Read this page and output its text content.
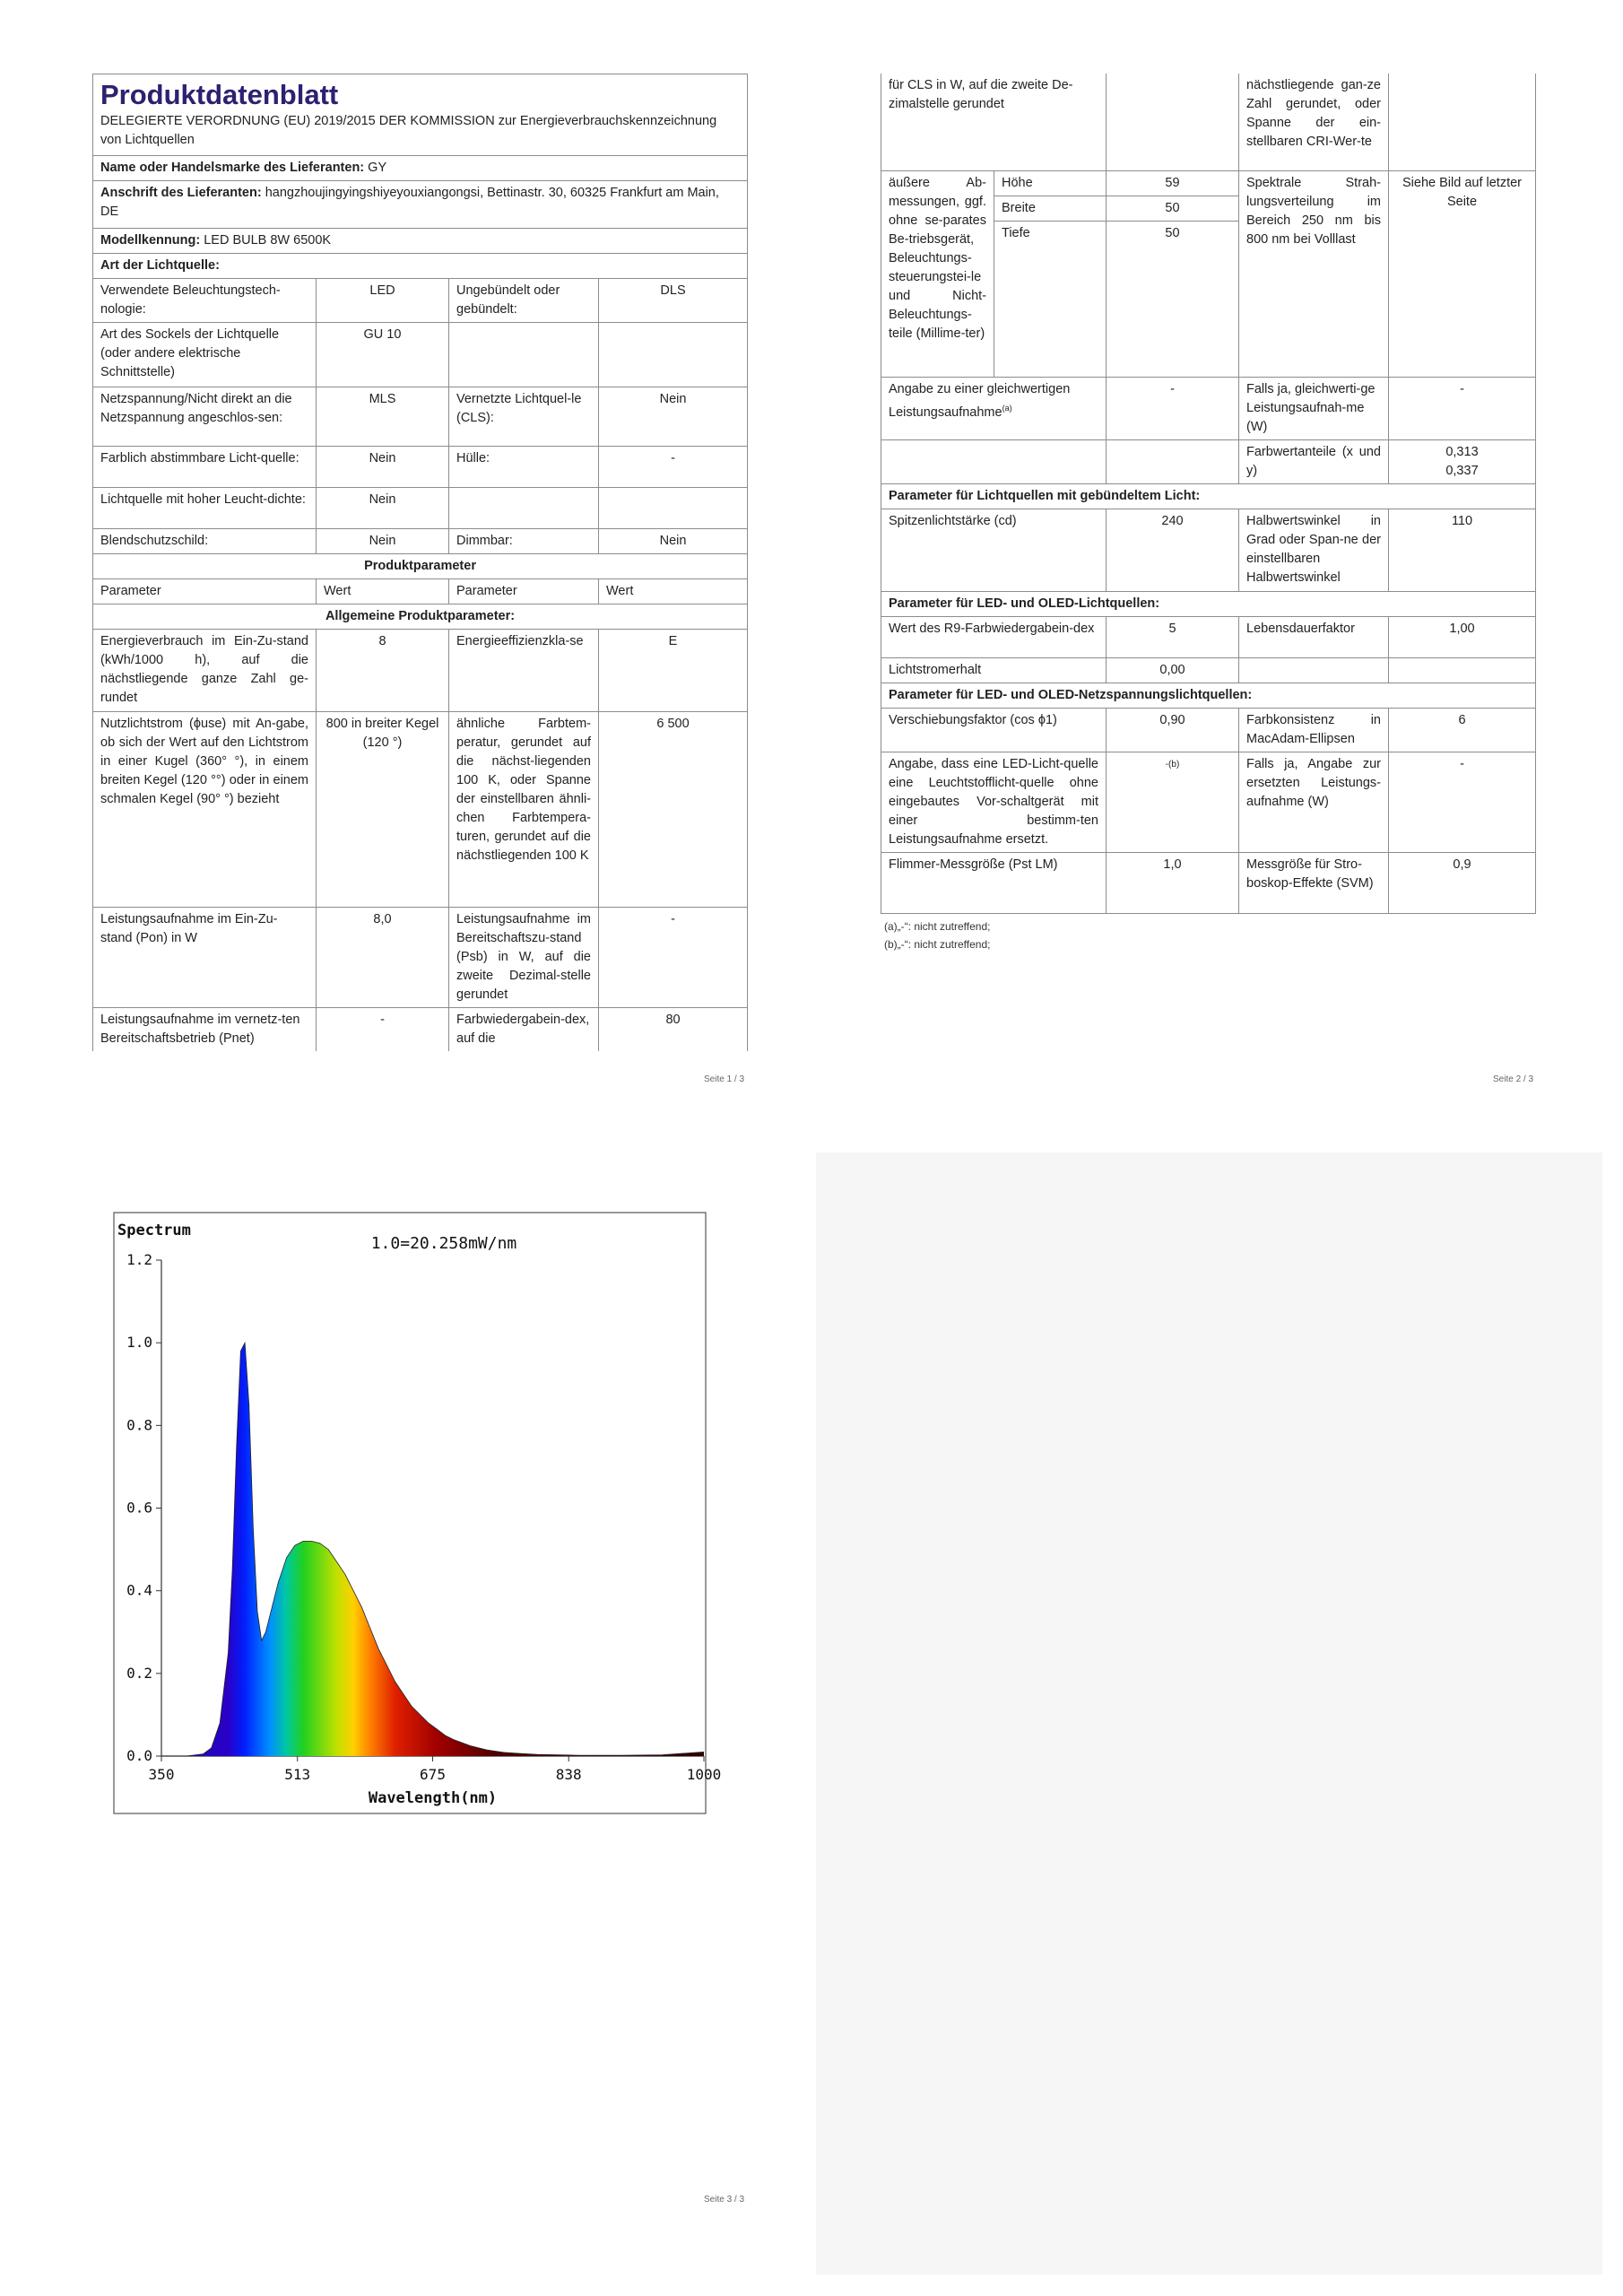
Produktdatenblatt
DELEGIERTE VERORDNUNG (EU) 2019/2015 DER KOMMISSION zur Energieverbrauchskennzeichnung von Lichtquellen			

Name oder Handelsmarke des Lieferanten: GY			
Anschrift des Lieferanten: hangzhoujingyingshiyeyouxiangongsi, Bettinastr. 30, 60325 Frankfurt am Main, DE			
Modellkennung: LED BULB 8W 6500K			
Art der Lichtquelle:			
Verwendete Beleuchtungstech-nologie:	LED	Ungebündelt oder gebündelt:	DLS
Art des Sockels der Lichtquelle (oder andere elektrische Schnittstelle)	GU 10		
Netzspannung/Nicht direkt an die Netzspannung angeschlos-sen:	MLS	Vernetzte Lichtquel-le (CLS):	Nein
Farblich abstimmbare Licht-quelle:	Nein	Hülle:	-
Lichtquelle mit hoher Leucht-dichte:	Nein		
Blendschutzschild:	Nein	Dimmbar:	Nein
Produktparameter			
Parameter	Wert	Parameter	Wert
Allgemeine Produktparameter:			
Energieverbrauch im Ein-Zu-stand (kWh/1000 h), auf die nächstliegende ganze Zahl ge-rundet	8	Energieeffizienzkla-se	E
Nutzlichtstrom (ϕuse) mit An-gabe, ob sich der Wert auf den Lichtstrom in einer Kugel (360° °), in einem breiten Kegel (120 °°) oder in einem schmalen Kegel (90° °) bezieht	800 in breiter Kegel (120 °)	ähnliche Farbtem-peratur, gerundet auf die nächst-liegenden 100 K, oder Spanne der einstellbaren ähnli-chen Farbtempera-turen, gerundet auf die nächstliegenden 100 K	6 500
Leistungsaufnahme im Ein-Zu-stand (Pon) in W	8,0	Leistungsaufnahme im Bereitschaftszu-stand (Psb) in W, auf die zweite Dezimal-stelle gerundet	-
Leistungsaufnahme im vernetz-ten Bereitschaftsbetrieb (Pnet)	-	Farbwiedergabein-dex, auf die	80
Seite 1 / 3
für CLS in W, auf die zweite De-zimalstelle gerundet			nächstliegende gan-ze Zahl gerundet, oder Spanne der ein-stellbaren CRI-Wer-te	
äußere Ab-messungen, ggf. ohne se-parates Be-triebsgerät, Beleuchtungs-steuerungstei-le und Nicht-Beleuchtungs-teile (Millime-ter)	Höhe	59	Spektrale Strah-lungsverteilung im Bereich 250 nm bis 800 nm bei Volllast	Siehe Bild auf letzter Seite
	Breite	50		
	Tiefe	50		
Angabe zu einer gleichwertigen Leistungsaufnahme$^{(a)}$		-	Falls ja, gleichwerti-ge Leistungsaufnah-me (W)	-
			Farbwertanteile (x und y)	0,313
0,337

Parameter für Lichtquellen mit gebündeltem Licht:				
Spitzenlichtstärke (cd)		240	Halbwertswinkel in Grad oder Span-ne der einstellbaren Halbwertswinkel	110
Parameter für LED- und OLED-Lichtquellen:				
Wert des R9-Farbwiedergabein-dex		5	Lebensdauerfaktor	1,00
Lichtstromerhalt		0,00		
Parameter für LED- und OLED-Netzspannungslichtquellen:				
Verschiebungsfaktor (cos ϕ1)		0,90	Farbkonsistenz in MacAdam-Ellipsen	6
Angabe, dass eine LED-Licht-quelle eine Leuchtstofflicht-quelle ohne eingebautes Vor-schaltgerät mit einer bestimm-ten Leistungsaufnahme ersetzt.		-(b)	Falls ja, Angabe zur ersetzten Leistungs-aufnahme (W)	-
Flimmer-Messgröße (Pst LM)		1,0	Messgröße für Stro-boskop-Effekte (SVM)	0,9
(a)„-“: nicht zutreffend;
(b)„-“: nicht zutreffend;
Seite 2 / 3
0.0
0.2
0.4
0.6
0.8
1.0
1.2
350	513	675	838	1000
Spectrum
1.0=20.258mW/nm
Wavelength(nm)
Seite 3 / 3
